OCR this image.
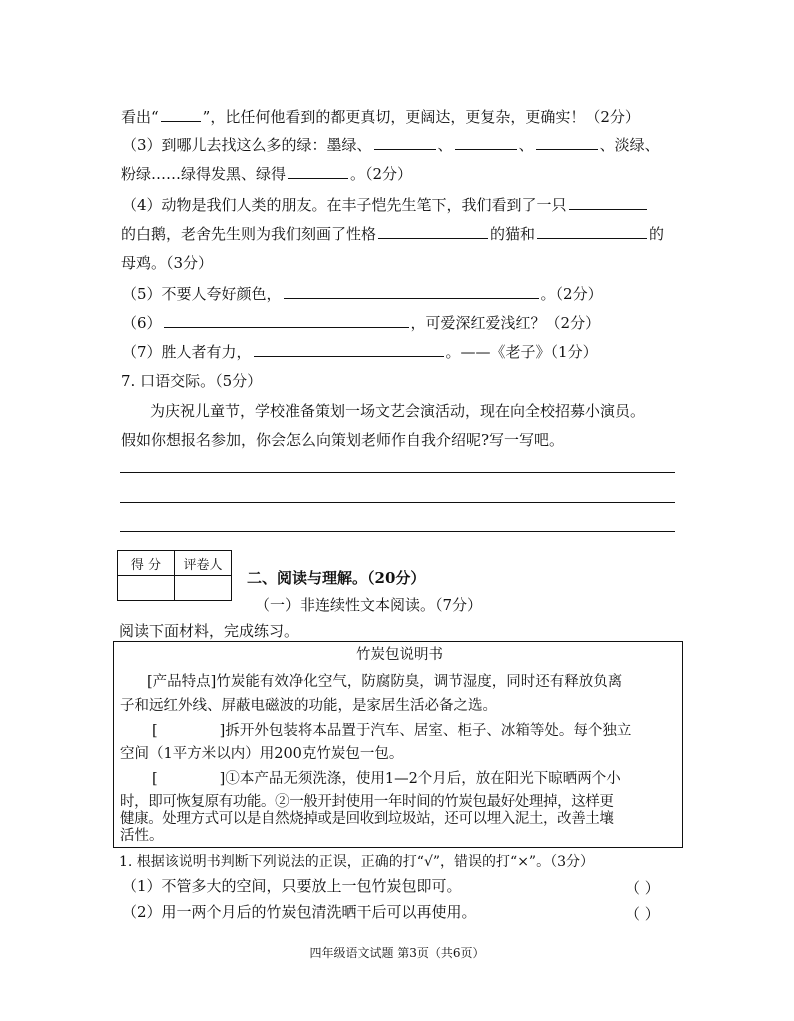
看出“	”，比任何他看到的都更真切，更阔达，更复杂，更确实！（2分）
（3）到哪儿去找这么多的绿：墨绿、	、	、	、淡绿、
粉绿……绿得发黑、绿得	。（2分）
（4）动物是我们人类的朋友。在丰子恺先生笔下，我们看到了一只
的白鹅，老舍先生则为我们刻画了性格	的猫和	的
母鸡。（3分）
（5）不要人夸好颜色，	。（2分）
（6）	，可爱深红爱浅红？（2分）
（7）胜人者有力，	。——《老子》（1分）
7. 口语交际。（5分）
为庆祝儿童节，学校准备策划一场文艺会演活动，现在向全校招募小演员。
假如你想报名参加，你会怎么向策划老师作自我介绍呢?写一写吧。
得 分	评卷人

二、阅读与理解。（20分）
（一）非连续性文本阅读。（7分）
阅读下面材料，完成练习。
竹炭包说明书
[产品特点]竹炭能有效净化空气，防腐防臭，调节湿度，同时还有释放负离
子和远红外线、屏蔽电磁波的功能，是家居生活必备之选。
[	]拆开外包装将本品置于汽车、居室、柜子、冰箱等处。每个独立
空间（1平方米以内）用200克竹炭包一包。
[	]①本产品无须洗涤，使用1—2个月后，放在阳光下晾晒两个小
时，即可恢复原有功能。②一般开封使用一年时间的竹炭包最好处理掉，这样更
健康。处理方式可以是自然烧掉或是回收到垃圾站，还可以埋入泥土，改善土壤
活性。
1. 根据该说明书判断下列说法的正误，正确的打“√”，错误的打“×”。（3分）
（1）不管多大的空间，只要放上一包竹炭包即可。	（ ）
（2）用一两个月后的竹炭包清洗晒干后可以再使用。	（ ）
四年级语文试题 第3页（共6页）
